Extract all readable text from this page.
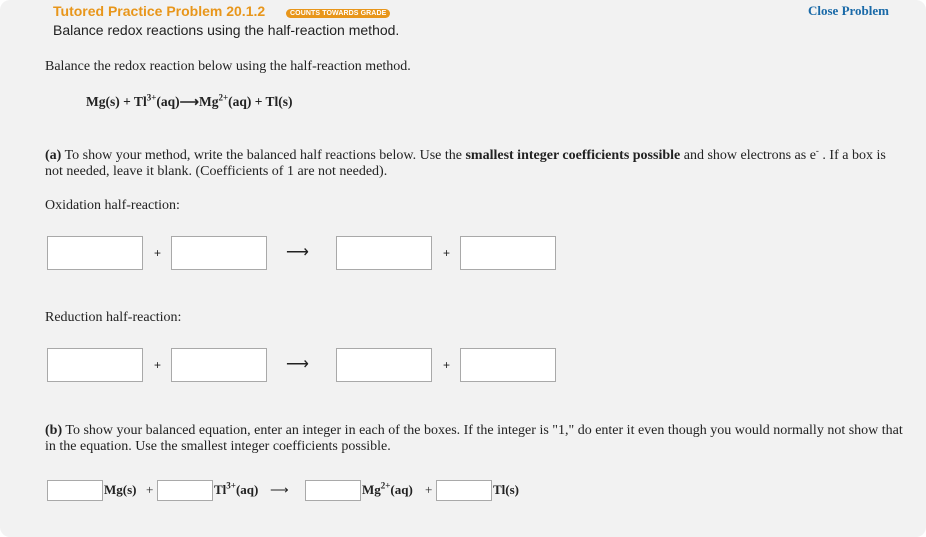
Tutored Practice Problem 20.1.2	COUNTS TOWARDS GRADE
Balance redox reactions using the half-reaction method.
Close Problem
Balance the redox reaction below using the half-reaction method.
$Mg(s) + Tl^{3+}(aq)⟶Mg^{2+}(aq) + Tl(s)$
(a) To show your method, write the balanced half reactions below. Use the smallest integer coefficients possible and show electrons as e- . If a box is not needed, leave it blank. (Coefficients of 1 are not needed).
Oxidation half-reaction:
+	⟶	+
Reduction half-reaction:
+	⟶	+
(b) To show your balanced equation, enter an integer in each of the boxes. If the integer is "1," do enter it even though you would normally not show that in the equation. Use the smallest integer coefficients possible.
Mg(s) +	$Tl^{3+}(aq)$ ⟶	$Mg^{2+}(aq)$ +	Tl(s)
